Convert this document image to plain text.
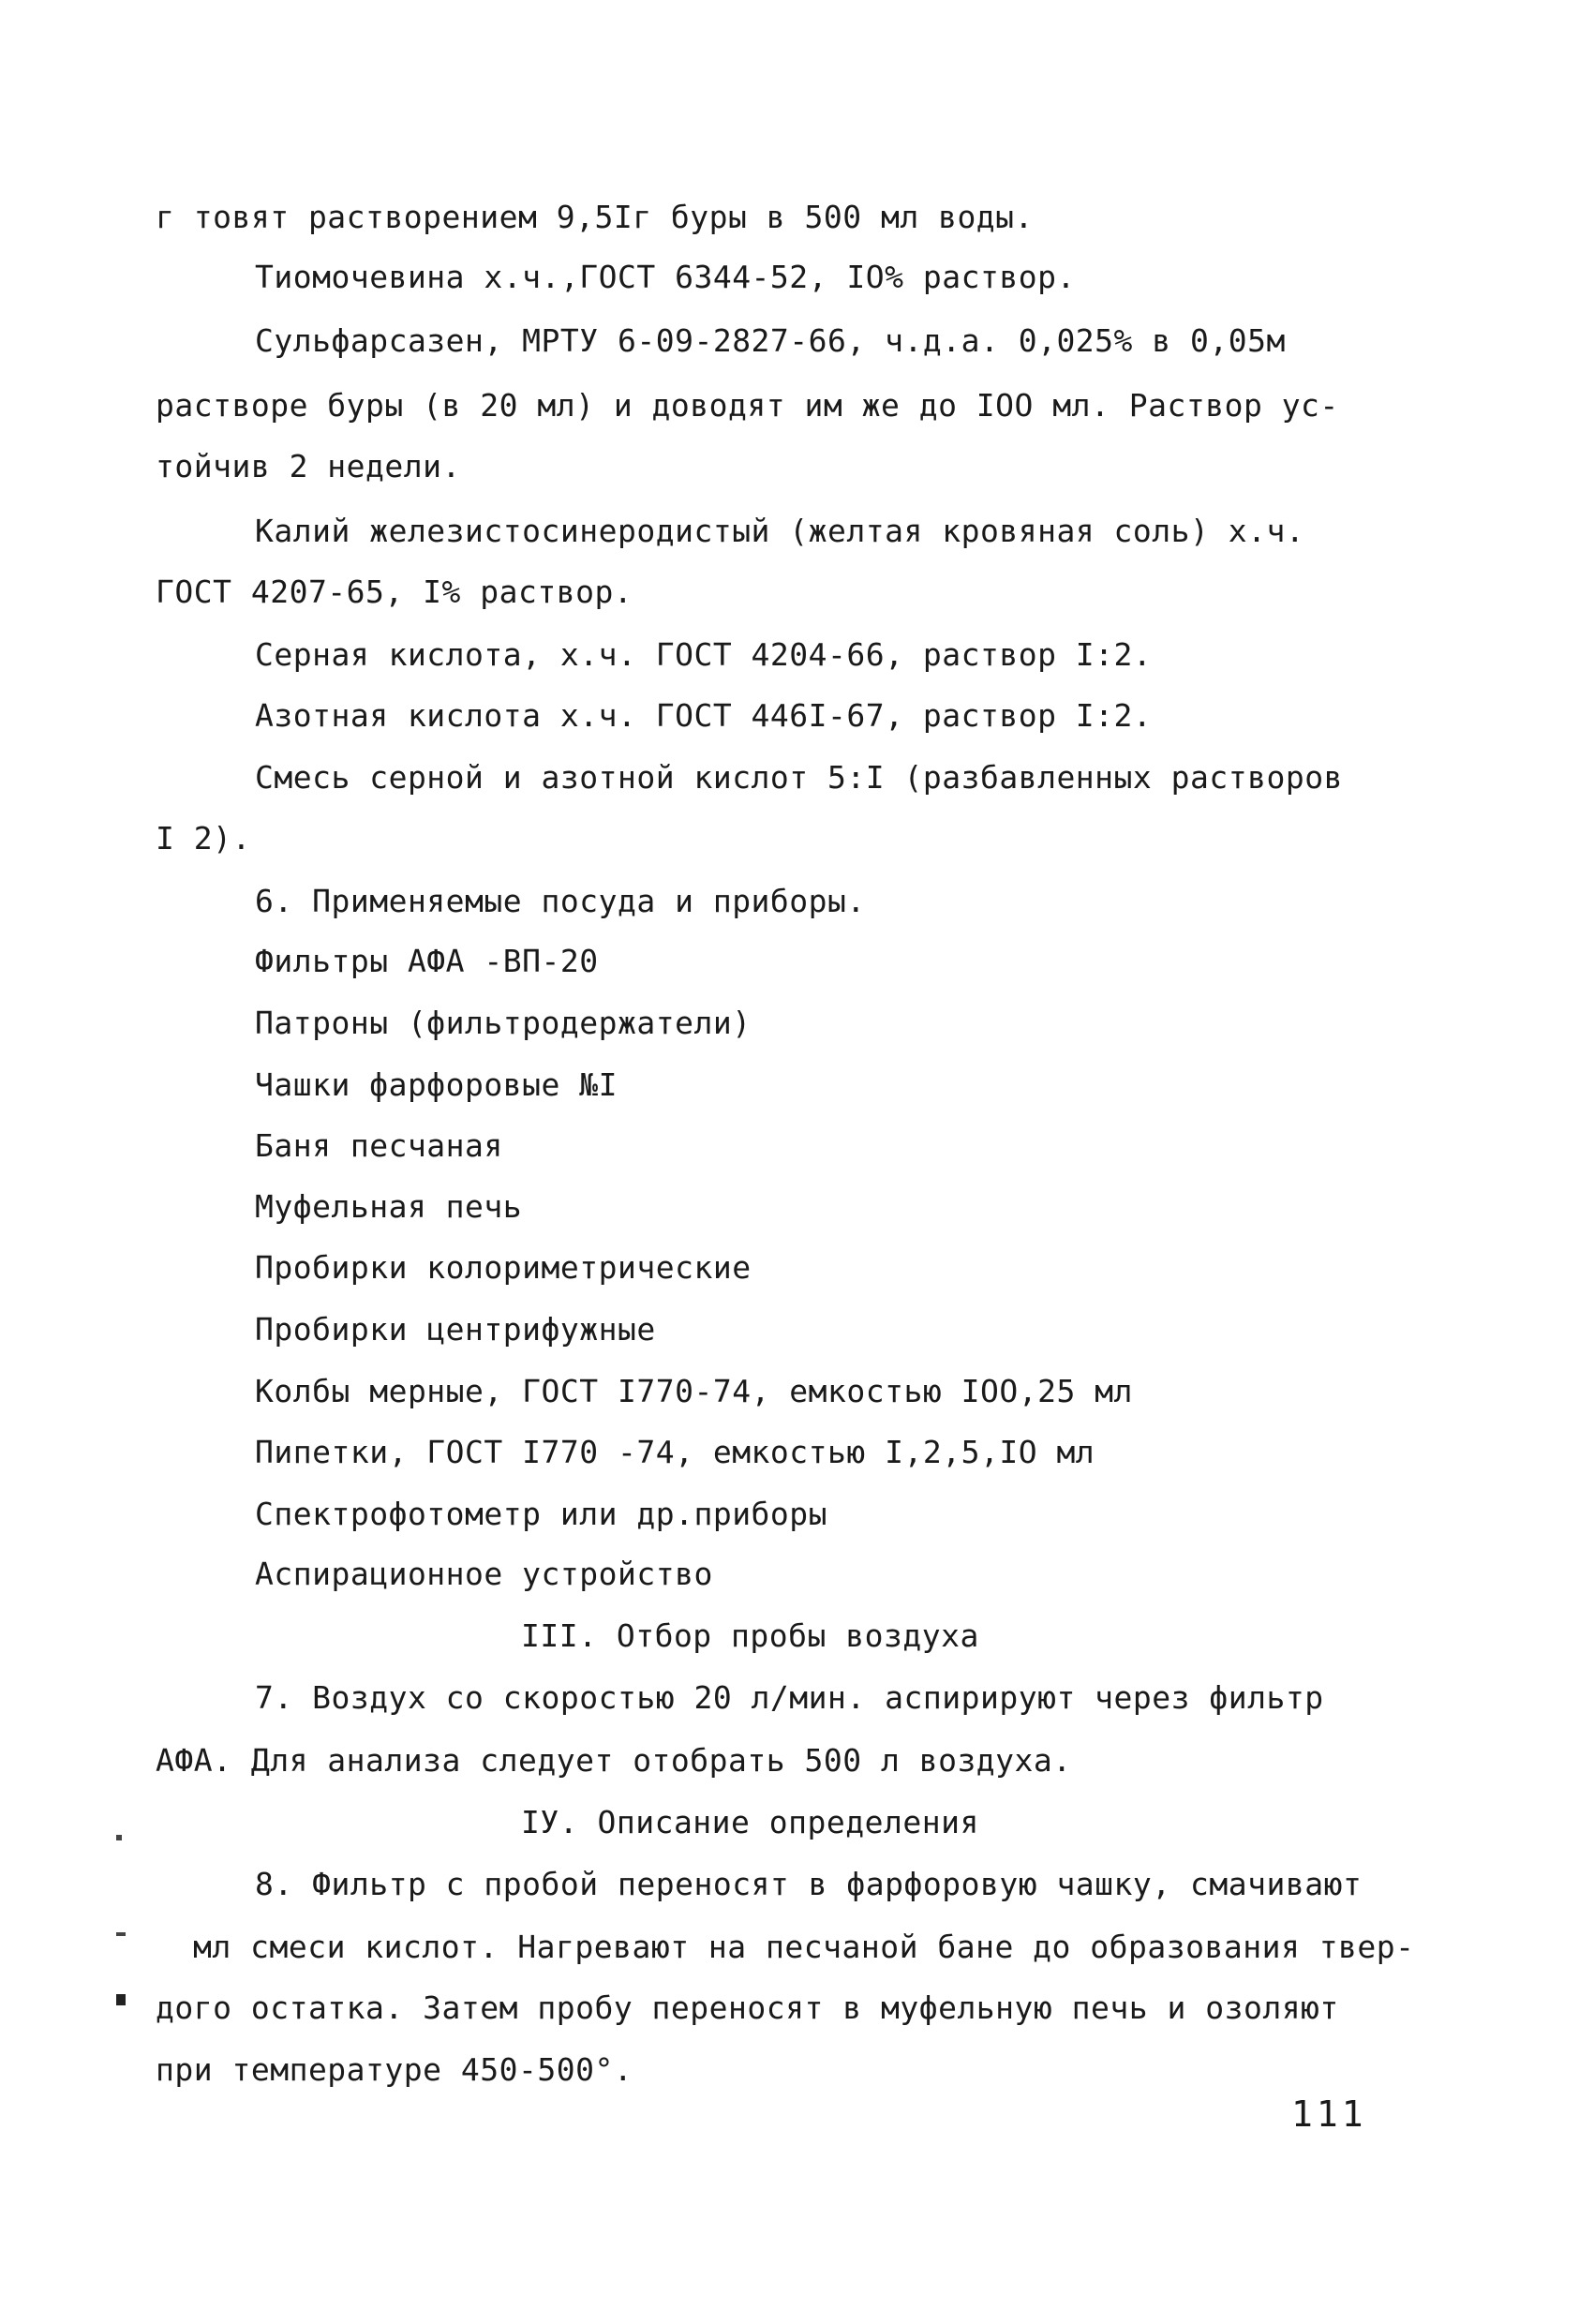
г товят растворением 9,5Iг буры в 500 мл воды.
Тиомочевина х.ч.,ГОСТ 6344-52, IO% раствор.
Сульфарсазен, МРТУ 6-09-2827-66, ч.д.а. 0,025% в 0,05м
растворе буры (в 20 мл) и доводят им же до IOO мл. Раствор ус-
тойчив 2 недели.
Калий железистосинеродистый (желтая кровяная соль) х.ч.
ГОСТ 4207-65, I% раствор.
Серная кислота, х.ч. ГОСТ 4204-66, раствор I:2.
Азотная кислота х.ч. ГОСТ 446I-67, раствор I:2.
Смесь серной и азотной кислот 5:I (разбавленных растворов
I 2).
6. Применяемые посуда и приборы.
Фильтры АФА -ВП-20
Патроны (фильтродержатели)
Чашки фарфоровые №I
Баня песчаная
Муфельная печь
Пробирки колориметрические
Пробирки центрифужные
Колбы мерные, ГОСТ I770-74, емкостью IOO,25 мл
Пипетки, ГОСТ I770 -74, емкостью I,2,5,IO мл
Спектрофотометр или др.приборы
Аспирационное устройство
III. Отбор пробы воздуха
7. Воздух со скоростью 20 л/мин. аспирируют через фильтр
АФА. Для анализа следует отобрать 500 л воздуха.
IУ. Описание определения
8. Фильтр с пробой переносят в фарфоровую чашку, смачивают
мл смеси кислот. Нагревают на песчаной бане до образования твер-
дого остатка. Затем пробу переносят в муфельную печь и озоляют
при температуре 450-500°.
111
